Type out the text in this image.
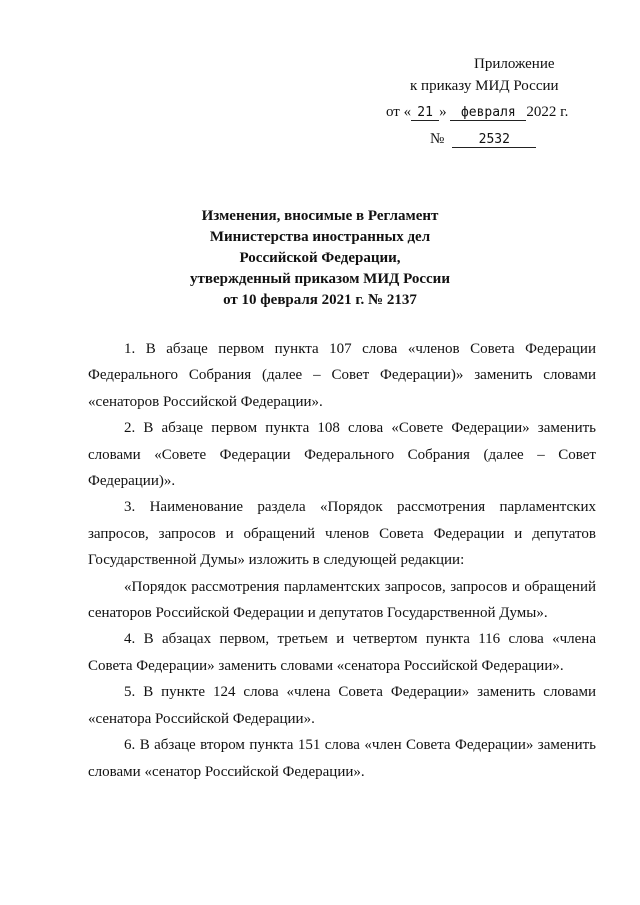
Приложение
к приказу МИД России
от « 21 » февраля 2022 г.
№	2532
Изменения, вносимые в Регламент
Министерства иностранных дел
Российской Федерации,
утвержденный приказом МИД России
от 10 февраля 2021 г. № 2137

1. В абзаце первом пункта 107 слова «членов Совета Федерации Федерального Собрания (далее – Совет Федерации)» заменить словами «сенаторов Российской Федерации».

2. В абзаце первом пункта 108 слова «Совете Федерации» заменить словами «Совете Федерации Федерального Собрания (далее – Совет Федерации)».

3. Наименование раздела «Порядок рассмотрения парламентских запросов, запросов и обращений членов Совета Федерации и депутатов Государственной Думы» изложить в следующей редакции:

«Порядок рассмотрения парламентских запросов, запросов и обращений сенаторов Российской Федерации и депутатов Государственной Думы».

4. В абзацах первом, третьем и четвертом пункта 116 слова «члена Совета Федерации» заменить словами «сенатора Российской Федерации».

5. В пункте 124 слова «члена Совета Федерации» заменить словами «сенатора Российской Федерации».

6. В абзаце втором пункта 151 слова «член Совета Федерации» заменить словами «сенатор Российской Федерации».
